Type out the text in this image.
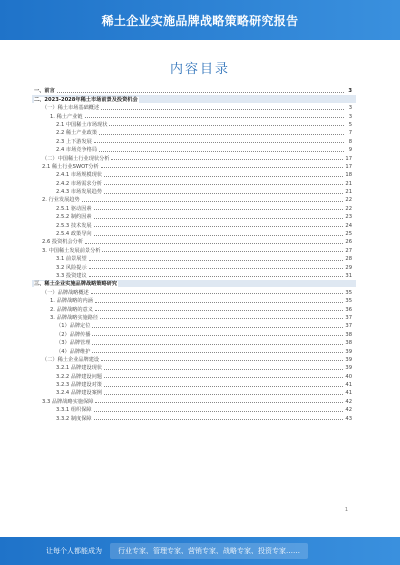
稀土企业实施品牌战略策略研究报告
内容目录
一、前言	3
二、2023-2028年稀土市场前景及投资机会
（一）稀土市场基础概述	3
1. 稀土产业链	3
2.1 中国稀土市场现状	5
2.2 稀土产业政策	7
2.3 上下游发展	8
2.4 市场竞争格局	9
（二）中国稀土行业现状分析	17
2.1 稀土行业SWOT分析	17
2.4.1 市场规模现状	18
2.4.2 市场需求分析	21
2.4.3 市场发展趋势	21
2. 行业发展趋势	22
2.5.1 驱动因素	22
2.5.2 制约因素	23
2.5.3 技术发展	24
2.5.4 政策导向	25
2.6 投资机会分析	26
3. 中国稀土发展前景分析	27
3.1 前景展望	28
3.2 风险提示	29
3.3 投资建议	31
三、稀土企业实施品牌战略策略研究
（一）品牌战略概述	35
1. 品牌战略的内涵	35
2. 品牌战略的意义	36
3. 品牌战略实施路径	37
（1）品牌定位	37
（2）品牌传播	38
（3）品牌管理	38
（4）品牌维护	39
（二）稀土企业品牌建设	39
3.2.1 品牌建设现状	39
3.2.2 品牌建设问题	40
3.2.3 品牌建设对策	41
3.2.4 品牌建设案例	41
3.3 品牌战略实施保障	42
3.3.1 组织保障	42
3.3.2 制度保障	43
1
让每个人都能成为	行业专家、管理专家、营销专家、战略专家、投资专家……
